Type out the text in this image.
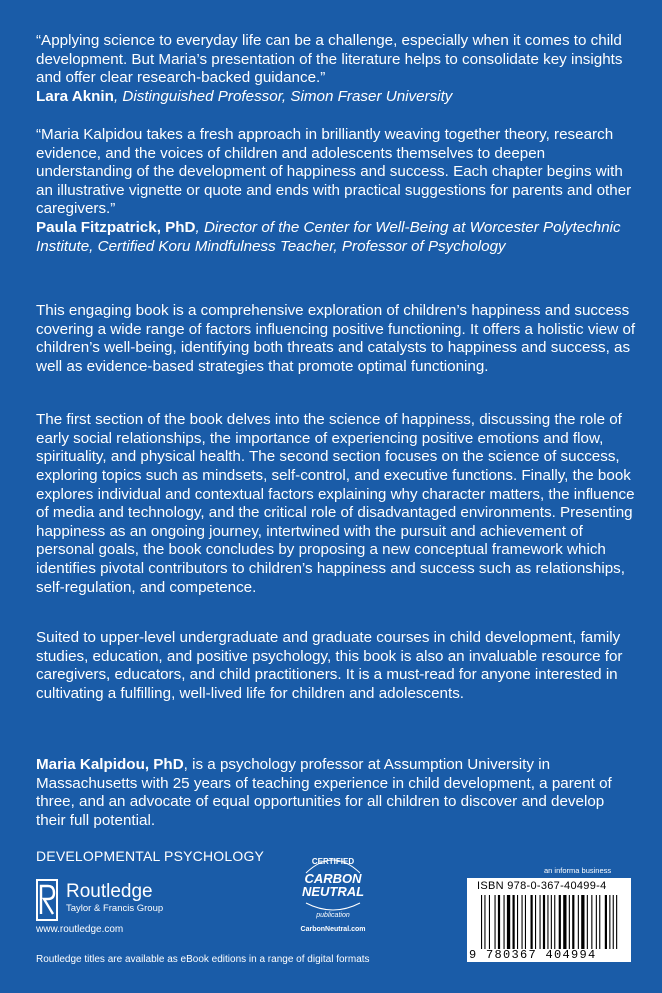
“Applying science to everyday life can be a challenge, especially when it comes to child development. But Maria’s presentation of the literature helps to consolidate key insights and offer clear research-backed guidance.”

Lara Aknin, Distinguished Professor, Simon Fraser University

“Maria Kalpidou takes a fresh approach in brilliantly weaving together theory, research evidence, and the voices of children and adolescents themselves to deepen understanding of the development of happiness and success. Each chapter begins with an illustrative vignette or quote and ends with practical suggestions for parents and other caregivers.”

Paula Fitzpatrick, PhD, Director of the Center for Well-Being at Worcester Polytechnic Institute, Certified Koru Mindfulness Teacher, Professor of Psychology

This engaging book is a comprehensive exploration of children’s happiness and success covering a wide range of factors influencing positive functioning. It offers a holistic view of children’s well-being, identifying both threats and catalysts to happiness and success, as well as evidence-based strategies that promote optimal functioning.

The first section of the book delves into the science of happiness, discussing the role of early social relationships, the importance of experiencing positive emotions and flow, spirituality, and physical health. The second section focuses on the science of success, exploring topics such as mindsets, self-control, and executive functions. Finally, the book explores individual and contextual factors explaining why character matters, the influence of media and technology, and the critical role of disadvantaged environments. Presenting happiness as an ongoing journey, intertwined with the pursuit and achievement of personal goals, the book concludes by proposing a new conceptual framework which identifies pivotal contributors to children’s happiness and success such as relationships, self-regulation, and competence.

Suited to upper-level undergraduate and graduate courses in child development, family studies, education, and positive psychology, this book is also an invaluable resource for caregivers, educators, and child practitioners. It is a must-read for anyone interested in cultivating a fulfilling, well-lived life for children and adolescents.

Maria Kalpidou, PhD, is a psychology professor at Assumption University in Massachusetts with 25 years of teaching experience in child development, a parent of three, and an advocate of equal opportunities for all children to discover and develop their full potential.

DEVELOPMENTAL PSYCHOLOGY
Routledge
Taylor & Francis Group
www.routledge.com
Routledge titles are available as eBook editions in a range of digital formats
CERTIFIED
CARBON
NEUTRAL
publication
CarbonNeutral.com
an informa business
ISBN 978-0-367-40499-4
9 780367 404994
